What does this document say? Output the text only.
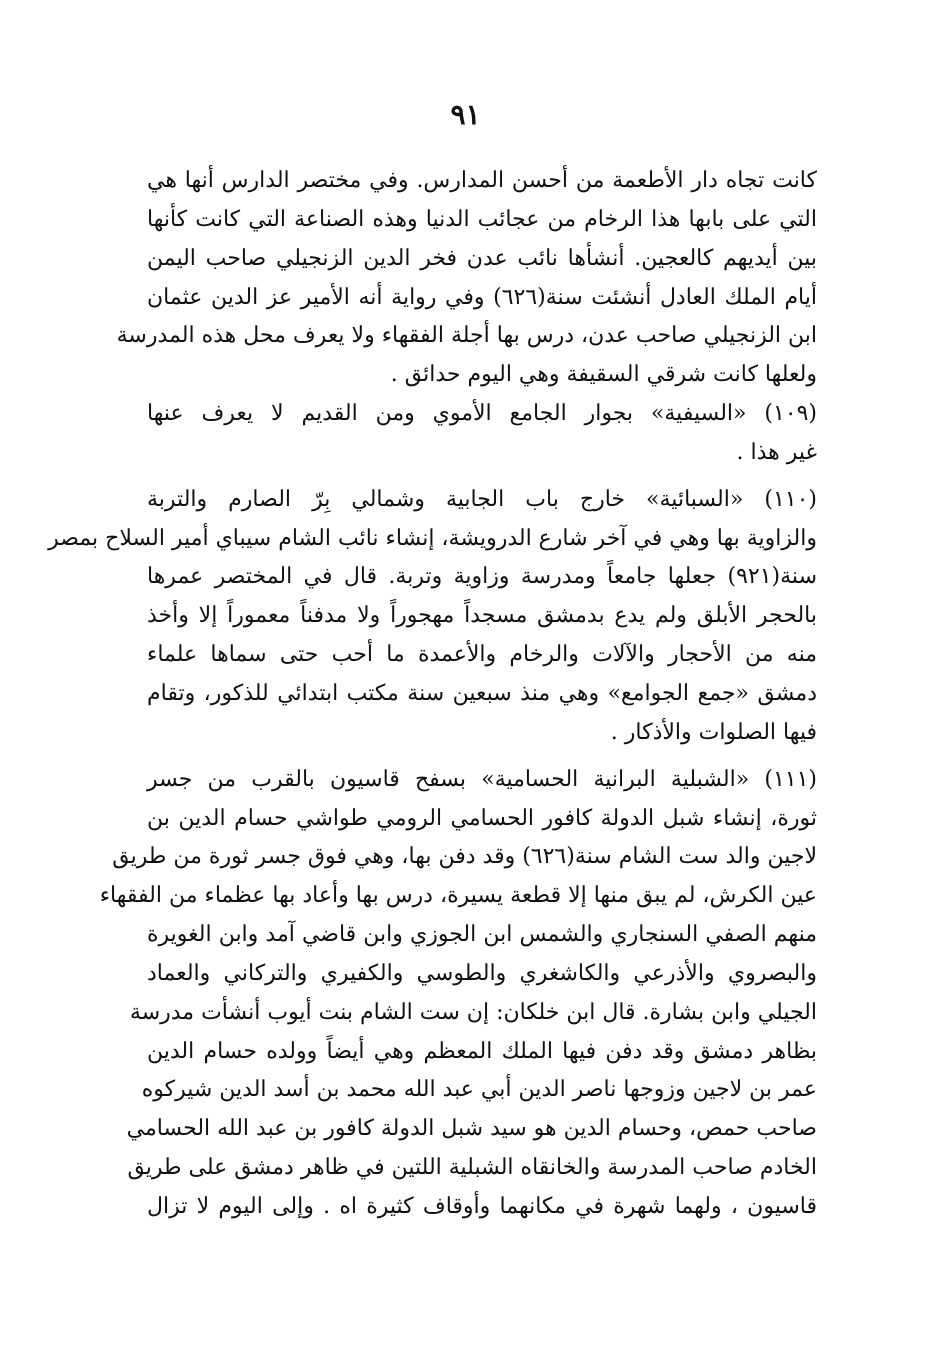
٩١
كانت تجاه دار الأطعمة من أحسن المدارس. وفي مختصر الدارس أنها هي
التي على بابها هذا الرخام من عجائب الدنيا وهذه الصناعة التي كانت كأنها
بين أيديهم كالعجين. أنشأها نائب عدن فخر الدين الزنجيلي صاحب اليمن
أيام الملك العادل أنشئت سنة(٦٢٦) وفي رواية أنه الأمير عز الدين عثمان
ابن الزنجيلي صاحب عدن، درس بها أجلة الفقهاء ولا يعرف محل هذه المدرسة
ولعلها كانت شرقي السقيفة وهي اليوم حدائق .
(١٠٩) «السيفية» بجوار الجامع الأموي ومن القديم لا يعرف عنها
غير هذا .
(١١٠) «السبائية» خارج باب الجابية وشمالي بِرّ الصارم والتربة
والزاوية بها وهي في آخر شارع الدرويشة، إنشاء نائب الشام سيباي أمير السلاح بمصر
سنة(٩٢١) جعلها جامعاً ومدرسة وزاوية وتربة. قال في المختصر عمرها
بالحجر الأبلق ولم يدع بدمشق مسجداً مهجوراً ولا مدفناً معموراً إلا وأخذ
منه من الأحجار والآلات والرخام والأعمدة ما أحب حتى سماها علماء
دمشق «جمع الجوامع» وهي منذ سبعين سنة مكتب ابتدائي للذكور، وتقام
فيها الصلوات والأذكار .
(١١١) «الشبلية البرانية الحسامية» بسفح قاسيون بالقرب من جسر
ثورة، إنشاء شبل الدولة كافور الحسامي الرومي طواشي حسام الدين بن
لاجين والد ست الشام سنة(٦٢٦) وقد دفن بها، وهي فوق جسر ثورة من طريق
عين الكرش، لم يبق منها إلا قطعة يسيرة، درس بها وأعاد بها عظماء من الفقهاء
منهم الصفي السنجاري والشمس ابن الجوزي وابن قاضي آمد وابن الغويرة
والبصروي والأذرعي والكاشغري والطوسي والكفيري والتركاني والعماد
الجيلي وابن بشارة. قال ابن خلكان: إن ست الشام بنت أيوب أنشأت مدرسة
بظاهر دمشق وقد دفن فيها الملك المعظم وهي أيضاً وولده حسام الدين
عمر بن لاجين وزوجها ناصر الدين أبي عبد الله محمد بن أسد الدين شيركوه
صاحب حمص، وحسام الدين هو سيد شبل الدولة كافور بن عبد الله الحسامي
الخادم صاحب المدرسة والخانقاه الشبلية اللتين في ظاهر دمشق على طريق
قاسيون ، ولهما شهرة في مكانهما وأوقاف كثيرة اه . وإلى اليوم لا تزال
